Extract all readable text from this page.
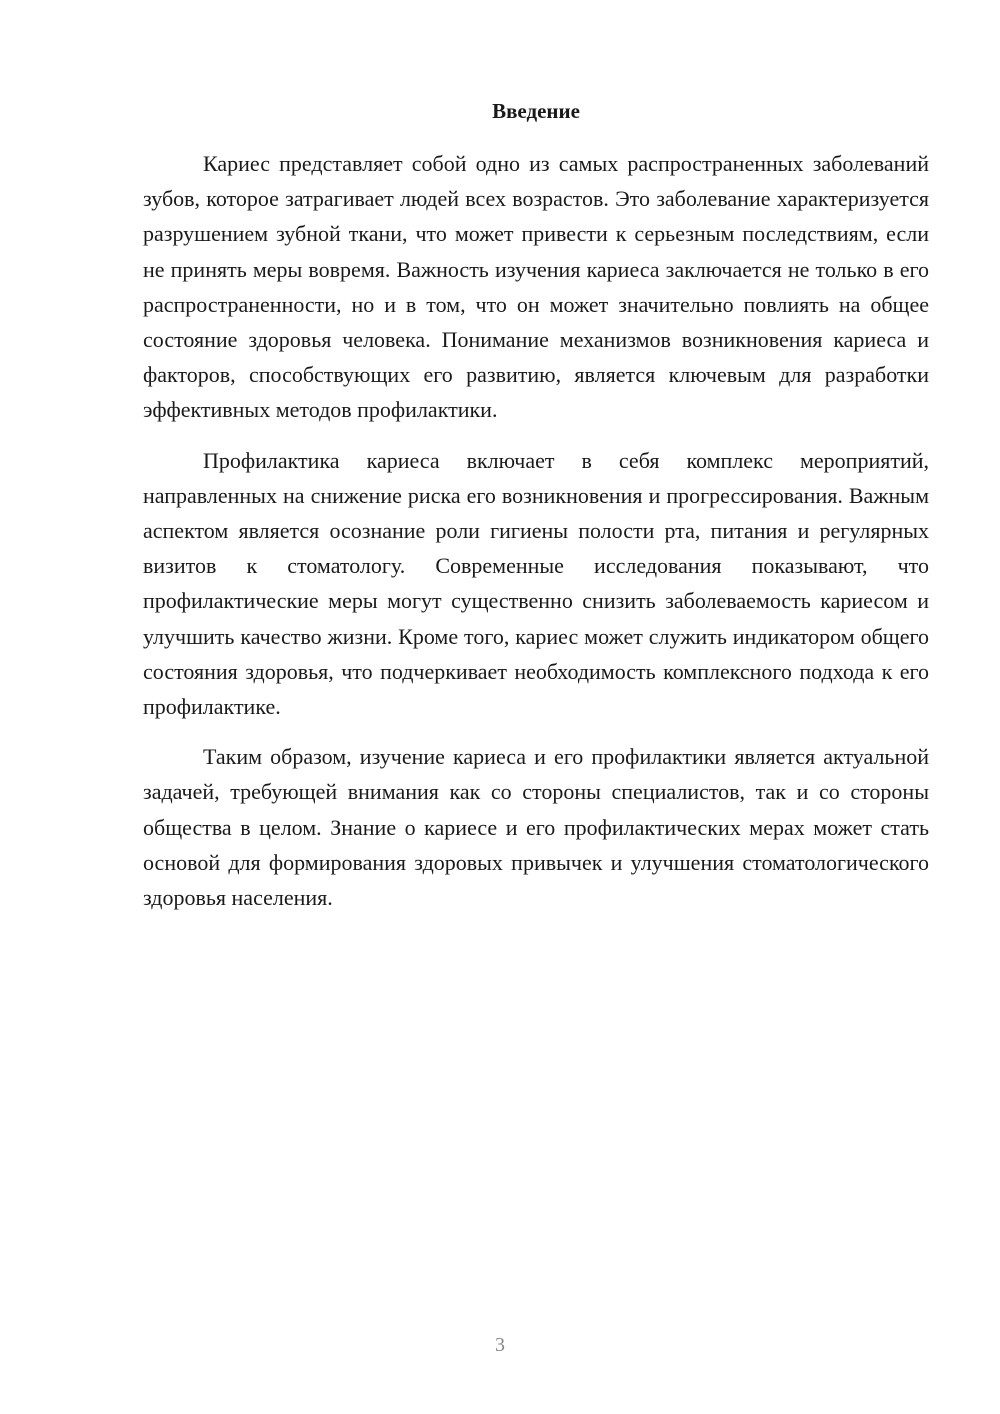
Введение

Кариес представляет собой одно из самых распространенных заболеваний зубов, которое затрагивает людей всех возрастов. Это заболевание характеризуется разрушением зубной ткани, что может привести к серьезным последствиям, если не принять меры вовремя. Важность изучения кариеса заключается не только в его распространенности, но и в том, что он может значительно повлиять на общее состояние здоровья человека. Понимание механизмов возникновения кариеса и факторов, способствующих его развитию, является ключевым для разработки эффективных методов профилактики.

Профилактика кариеса включает в себя комплекс мероприятий, направленных на снижение риска его возникновения и прогрессирования. Важным аспектом является осознание роли гигиены полости рта, питания и регулярных визитов к стоматологу. Современные исследования показывают, что профилактические меры могут существенно снизить заболеваемость кариесом и улучшить качество жизни. Кроме того, кариес может служить индикатором общего состояния здоровья, что подчеркивает необходимость комплексного подхода к его профилактике.

Таким образом, изучение кариеса и его профилактики является актуальной задачей, требующей внимания как со стороны специалистов, так и со стороны общества в целом. Знание о кариесе и его профилактических мерах может стать основой для формирования здоровых привычек и улучшения стоматологического здоровья населения.

3
